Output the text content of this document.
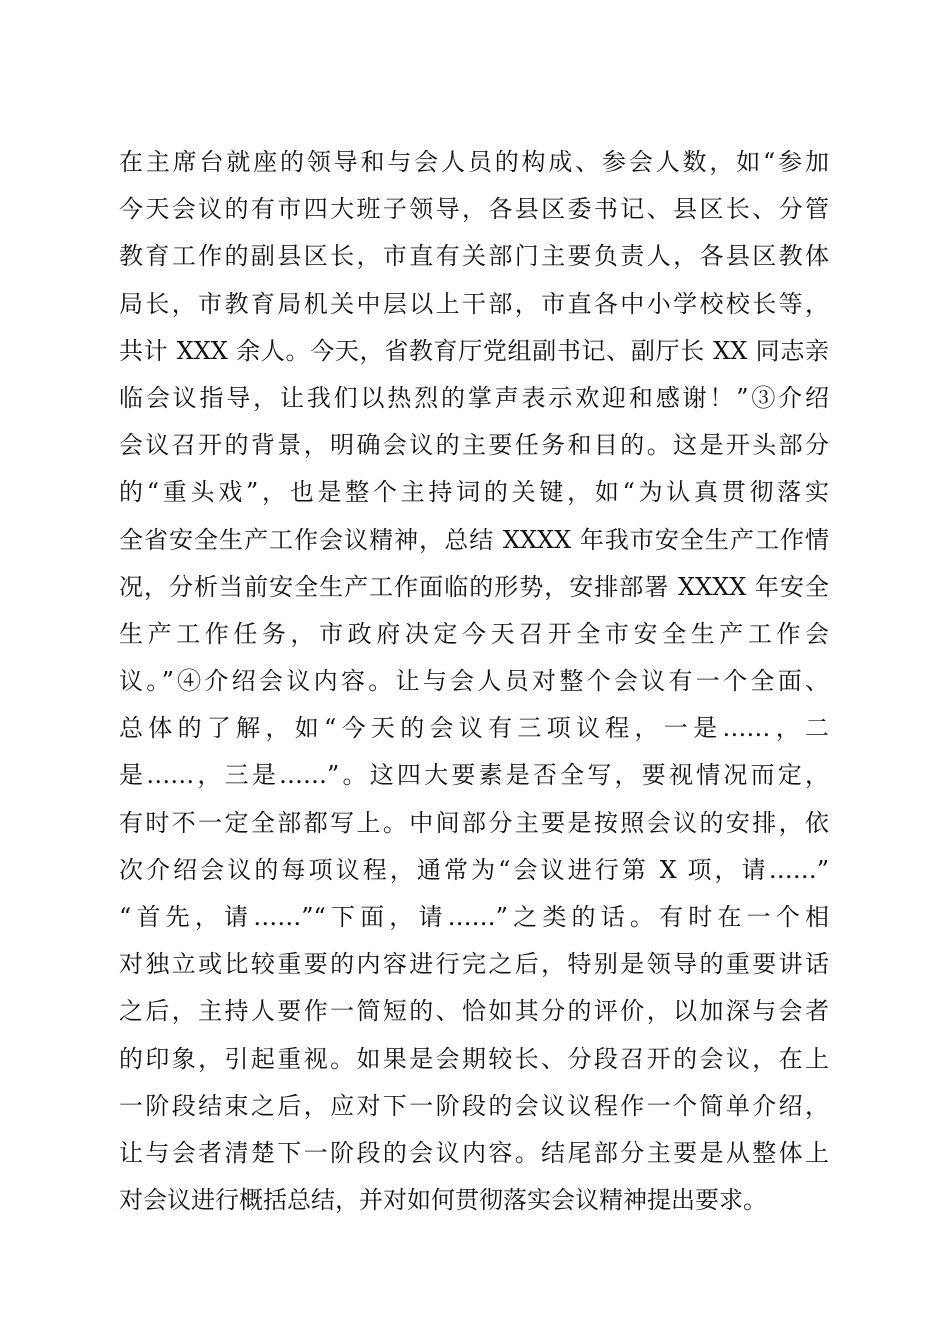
在主席台就座的领导和与会人员的构成、参会人数，如“参加
今天会议的有市四大班子领导，各县区委书记、县区长、分管
教育工作的副县区长，市直有关部门主要负责人，各县区教体
局长，市教育局机关中层以上干部，市直各中小学校校长等，
共计 XXX 余人。今天，省教育厅党组副书记、副厅长 XX 同志亲
临会议指导，让我们以热烈的掌声表示欢迎和感谢！”③介绍
会议召开的背景，明确会议的主要任务和目的。这是开头部分
的“重头戏”，也是整个主持词的关键，如“为认真贯彻落实
全省安全生产工作会议精神，总结 XXXX 年我市安全生产工作情
况，分析当前安全生产工作面临的形势，安排部署 XXXX 年安全
生产工作任务，市政府决定今天召开全市安全生产工作会
议。”④介绍会议内容。让与会人员对整个会议有一个全面、
总体的了解，如“今天的会议有三项议程，一是……，二
是……，三是……”。这四大要素是否全写，要视情况而定，
有时不一定全部都写上。中间部分主要是按照会议的安排，依
次介绍会议的每项议程，通常为“会议进行第 X 项，请……”
“首先，请……”“下面，请……”之类的话。有时在一个相
对独立或比较重要的内容进行完之后，特别是领导的重要讲话
之后，主持人要作一简短的、恰如其分的评价，以加深与会者
的印象，引起重视。如果是会期较长、分段召开的会议，在上
一阶段结束之后，应对下一阶段的会议议程作一个简单介绍，
让与会者清楚下一阶段的会议内容。结尾部分主要是从整体上
对会议进行概括总结，并对如何贯彻落实会议精神提出要求。
